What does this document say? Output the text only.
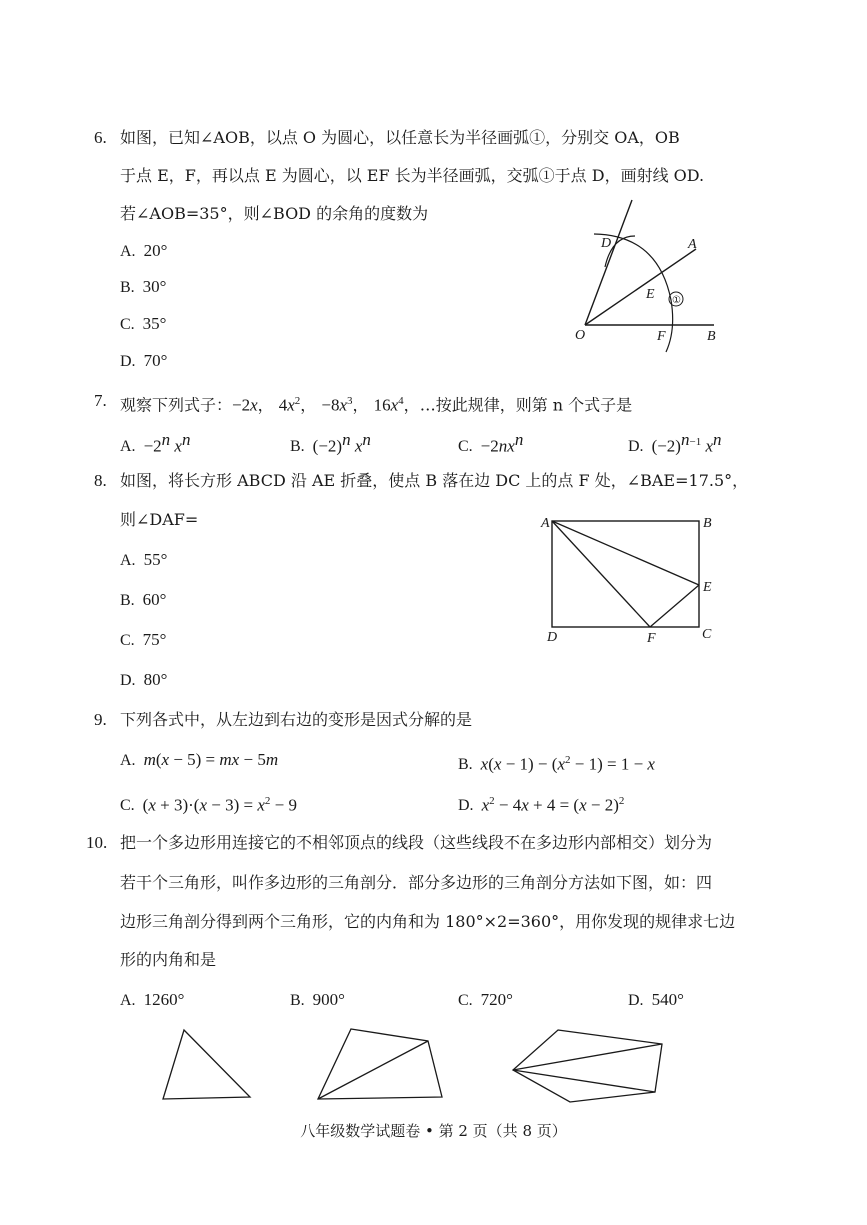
6. 如图，已知∠AOB，以点 O 为圆心，以任意长为半径画弧①，分别交 OA，OB
于点 E，F，再以点 E 为圆心，以 EF 长为半径画弧，交弧①于点 D，画射线 OD.
若∠AOB=35°，则∠BOD 的余角的度数为
A. 20°
B. 30°
C. 35°
D. 70°
D	A
E ①
O	F	B
7. 观察下列式子：−2x， $4x^2$， $-8x^3$， $16x^4$，…按此规律，则第 n 个式子是
A. $-2^n$ $x^n$	B. $(-2)^n$ $x^n$	C. $-2nx^n$	D. $(-2)^{n-1}$ $x^n$
8. 如图，将长方形 ABCD 沿 AE 折叠，使点 B 落在边 DC 上的点 F 处，∠BAE=17.5°，
则∠DAF=
A. 55°
B. 60°
C. 75°
D. 80°
A	B
E
D	F	C
9. 下列各式中，从左边到右边的变形是因式分解的是
A. m(x − 5) = mx − 5m	B. $x(x - 1) - (x^2 - 1) = 1 - x$
C. $(x + 3)\cdot(x - 3) = x^2 - 9$	D. $x^2 - 4x + 4 = (x - 2)^2$
10. 把一个多边形用连接它的不相邻顶点的线段（这些线段不在多边形内部相交）划分为
若干个三角形，叫作多边形的三角剖分．部分多边形的三角剖分方法如下图，如：四
边形三角剖分得到两个三角形，它的内角和为 180°×2=360°，用你发现的规律求七边
形的内角和是
A. 1260°	B. 900°	C. 720°	D. 540°
八年级数学试题卷 • 第 2 页（共 8 页）
